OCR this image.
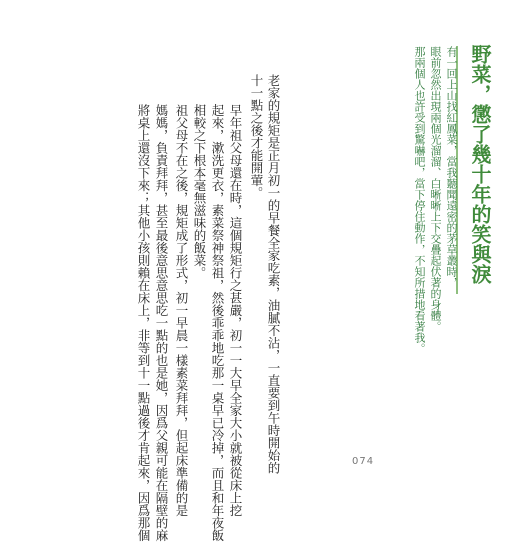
野菜，懲了幾十年的笑與淚
有一回上山找紅鳳菜，當我聽聞遠密的茅草叢時，
眼前忽然出現兩個光溜溜、白晰晰上下交疊起伏著的身體。
那兩個人也許受到驚嚇吧，當下停住動作，不知所措地看著我。
老家的規矩是正月初一的早餐全家吃素，油膩不沾，一直要到午時開始的
十一點之後才能開葷。
早年祖父母還在時，這個規矩行之甚嚴，初一一大早全家大小就被從床上挖
起來，漱洗更衣，素菜祭神祭祖，然後乖乖地吃那一桌早已冷掉，而且和年夜飯
相較之下根本毫無滋味的飯菜。
祖父母不在之後，規矩成了形式，初一早晨一樣素菜拜拜，但起床準備的是
媽媽，負責拜拜，甚至最後意思意思吃一點的也是她，因爲父親可能在隔壁的麻
將桌上還沒下來；其他小孩則賴在床上，非等到十一點過後才肯起來，因爲那個	074
